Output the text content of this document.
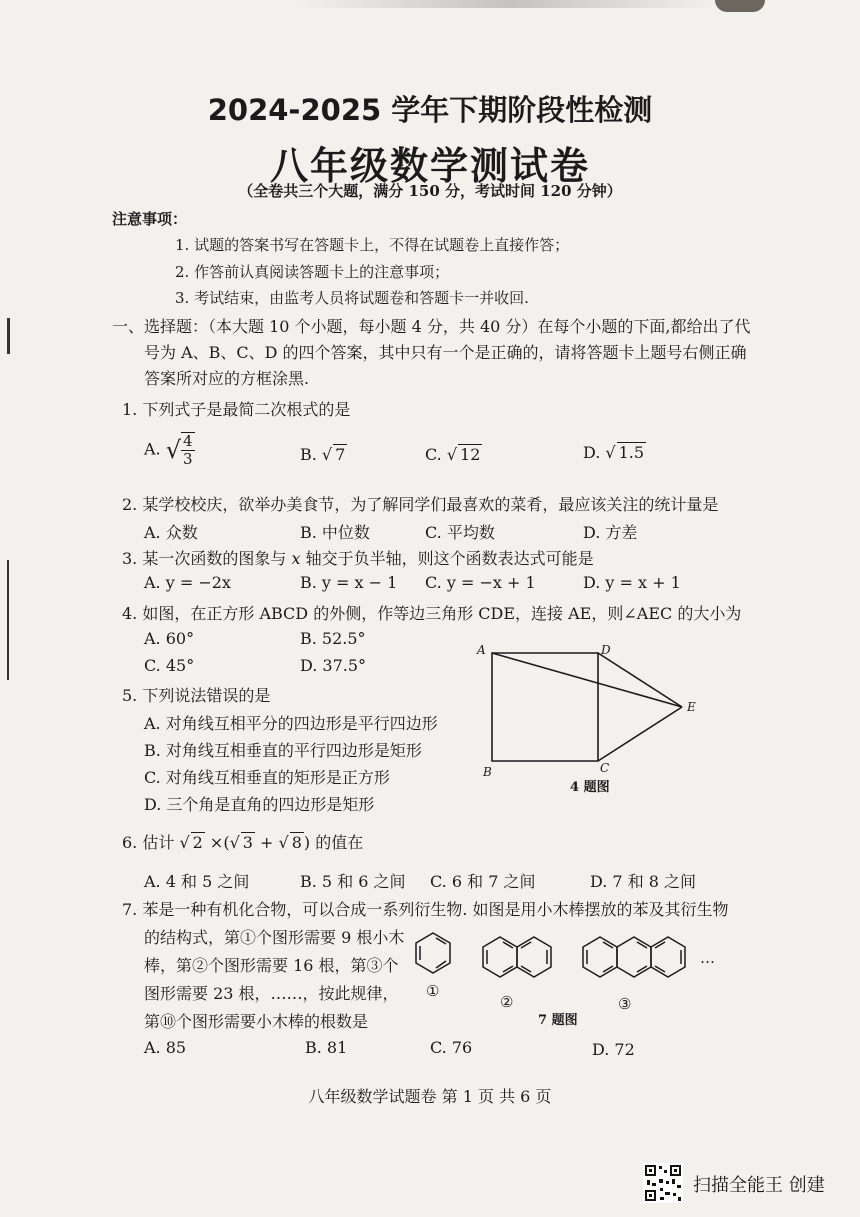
2024-2025 学年下期阶段性检测
八年级数学测试卷
（全卷共三个大题，满分 150 分，考试时间 120 分钟）
注意事项：
1. 试题的答案书写在答题卡上，不得在试题卷上直接作答；
2. 作答前认真阅读答题卡上的注意事项；
3. 考试结束，由监考人员将试题卷和答题卡一并收回.
一、选择题：（本大题 10 个小题，每小题 4 分，共 40 分）在每个小题的下面,都给出了代
号为 A、B、C、D 的四个答案，其中只有一个是正确的，请将答题卡上题号右侧正确
答案所对应的方框涂黑.
1. 下列式子是最简二次根式的是
A. √ $\frac{4}{3}$	B. √ 7	C. √ 12	D. √ 1.5
2. 某学校校庆，欲举办美食节，为了解同学们最喜欢的菜肴，最应该关注的统计量是
A. 众数	B. 中位数	C. 平均数	D. 方差
3. 某一次函数的图象与 x 轴交于负半轴，则这个函数表达式可能是
A. y = −2x	B. y = x − 1 C. y = −x + 1	D. y = x + 1
4. 如图，在正方形 ABCD 的外侧，作等边三角形 CDE，连接 AE，则∠AEC 的大小为
A. 60°	B. 52.5°
C. 45°	D. 37.5°
A	D
B	C
E
4 题图
5. 下列说法错误的是
A. 对角线互相平分的四边形是平行四边形
B. 对角线互相垂直的平行四边形是矩形
C. 对角线互相垂直的矩形是正方形
D. 三个角是直角的四边形是矩形
6. 估计 √ 2 ×(√ 3 + √ 8 ) 的值在
A. 4 和 5 之间	B. 5 和 6 之间 C. 6 和 7 之间	D. 7 和 8 之间
7. 苯是一种有机化合物，可以合成一系列衍生物. 如图是用小木棒摆放的苯及其衍生物
的结构式，第①个图形需要 9 根小木
棒，第②个图形需要 16 根，第③个
图形需要 23 根，……，按此规律，
第⑩个图形需要小木棒的根数是
①
②	③
…
7 题图
A. 85	B. 81	C. 76	D. 72
八年级数学试题卷 第 1 页 共 6 页
扫描全能王 创建
